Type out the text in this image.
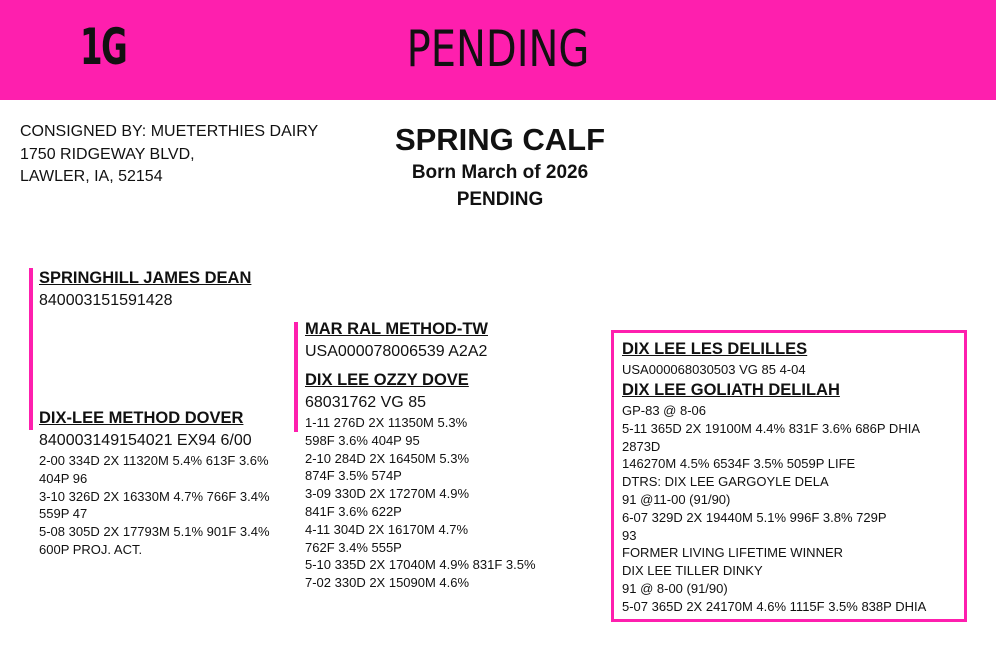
1G	PENDING
CONSIGNED BY: MUETERTHIES DAIRY
1750 RIDGEWAY BLVD,
LAWLER, IA, 52154
SPRING CALF
Born March of 2026
PENDING
SPRINGHILL JAMES DEAN
840003151591428
DIX-LEE METHOD DOVER
840003149154021 EX94 6/00
2-00 334D 2X 11320M 5.4% 613F 3.6%
404P 96
3-10 326D 2X 16330M 4.7% 766F 3.4%
559P 47
5-08 305D 2X 17793M 5.1% 901F 3.4%
600P PROJ. ACT.
MAR RAL METHOD-TW
USA000078006539 A2A2
DIX LEE OZZY DOVE
68031762 VG 85
1-11 276D 2X 11350M 5.3%
598F 3.6% 404P 95
2-10 284D 2X 16450M 5.3%
874F 3.5% 574P
3-09 330D 2X 17270M 4.9%
841F 3.6% 622P
4-11 304D 2X 16170M 4.7%
762F 3.4% 555P
5-10 335D 2X 17040M 4.9% 831F 3.5%
7-02 330D 2X 15090M 4.6%
DIX LEE LES DELILLES
USA000068030503 VG 85 4-04
DIX LEE GOLIATH DELILAH
GP-83 @ 8-06
5-11 365D 2X 19100M 4.4% 831F 3.6% 686P DHIA
2873D
146270M 4.5% 6534F 3.5% 5059P LIFE
DTRS: DIX LEE GARGOYLE DELA
91 @11-00 (91/90)
6-07 329D 2X 19440M 5.1% 996F 3.8% 729P
93
FORMER LIVING LIFETIME WINNER
DIX LEE TILLER DINKY
91 @ 8-00 (91/90)
5-07 365D 2X 24170M 4.6% 1115F 3.5% 838P DHIA
